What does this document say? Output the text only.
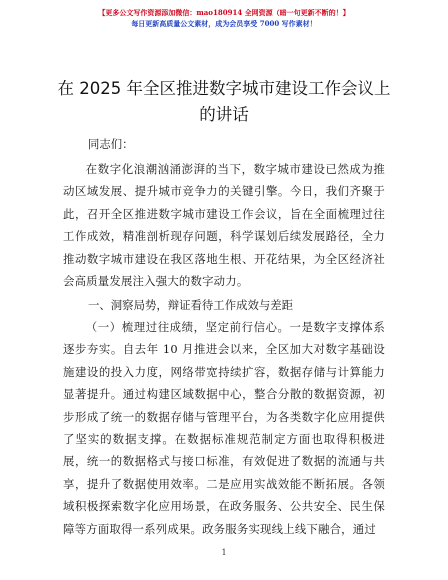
【更多公文写作资源添加微信：mao180914 全网资源（暗一句更新不断的！】
每日更新高质量公文素材，成为会员享受 7000 写作素材！
在 2025 年全区推进数字城市建设工作会议上的讲话
同志们：
在数字化浪潮汹涌澎湃的当下，数字城市建设已然成为推动区域发展、提升城市竞争力的关键引擎。今日，我们齐聚于此，召开全区推进数字城市建设工作会议，旨在全面梳理过往工作成效，精准剖析现存问题，科学谋划后续发展路径，全力推动数字城市建设在我区落地生根、开花结果，为全区经济社会高质量发展注入强大的数字动力。
一、洞察局势，辩证看待工作成效与差距
（一）梳理过往成绩，坚定前行信心。一是数字支撑体系逐步夯实。自去年 10 月推进会以来，全区加大对数字基础设施建设的投入力度，网络带宽持续扩容，数据存储与计算能力显著提升。通过构建区域数据中心，整合分散的数据资源，初步形成了统一的数据存储与管理平台，为各类数字化应用提供了坚实的数据支撑。在数据标准规范制定方面也取得积极进展，统一的数据格式与接口标准，有效促进了数据的流通与共享，提升了数据使用效率。二是应用实战效能不断拓展。各领域积极探索数字化应用场景，在政务服务、公共安全、民生保障等方面取得一系列成果。政务服务实现线上线下融合，通过
1
